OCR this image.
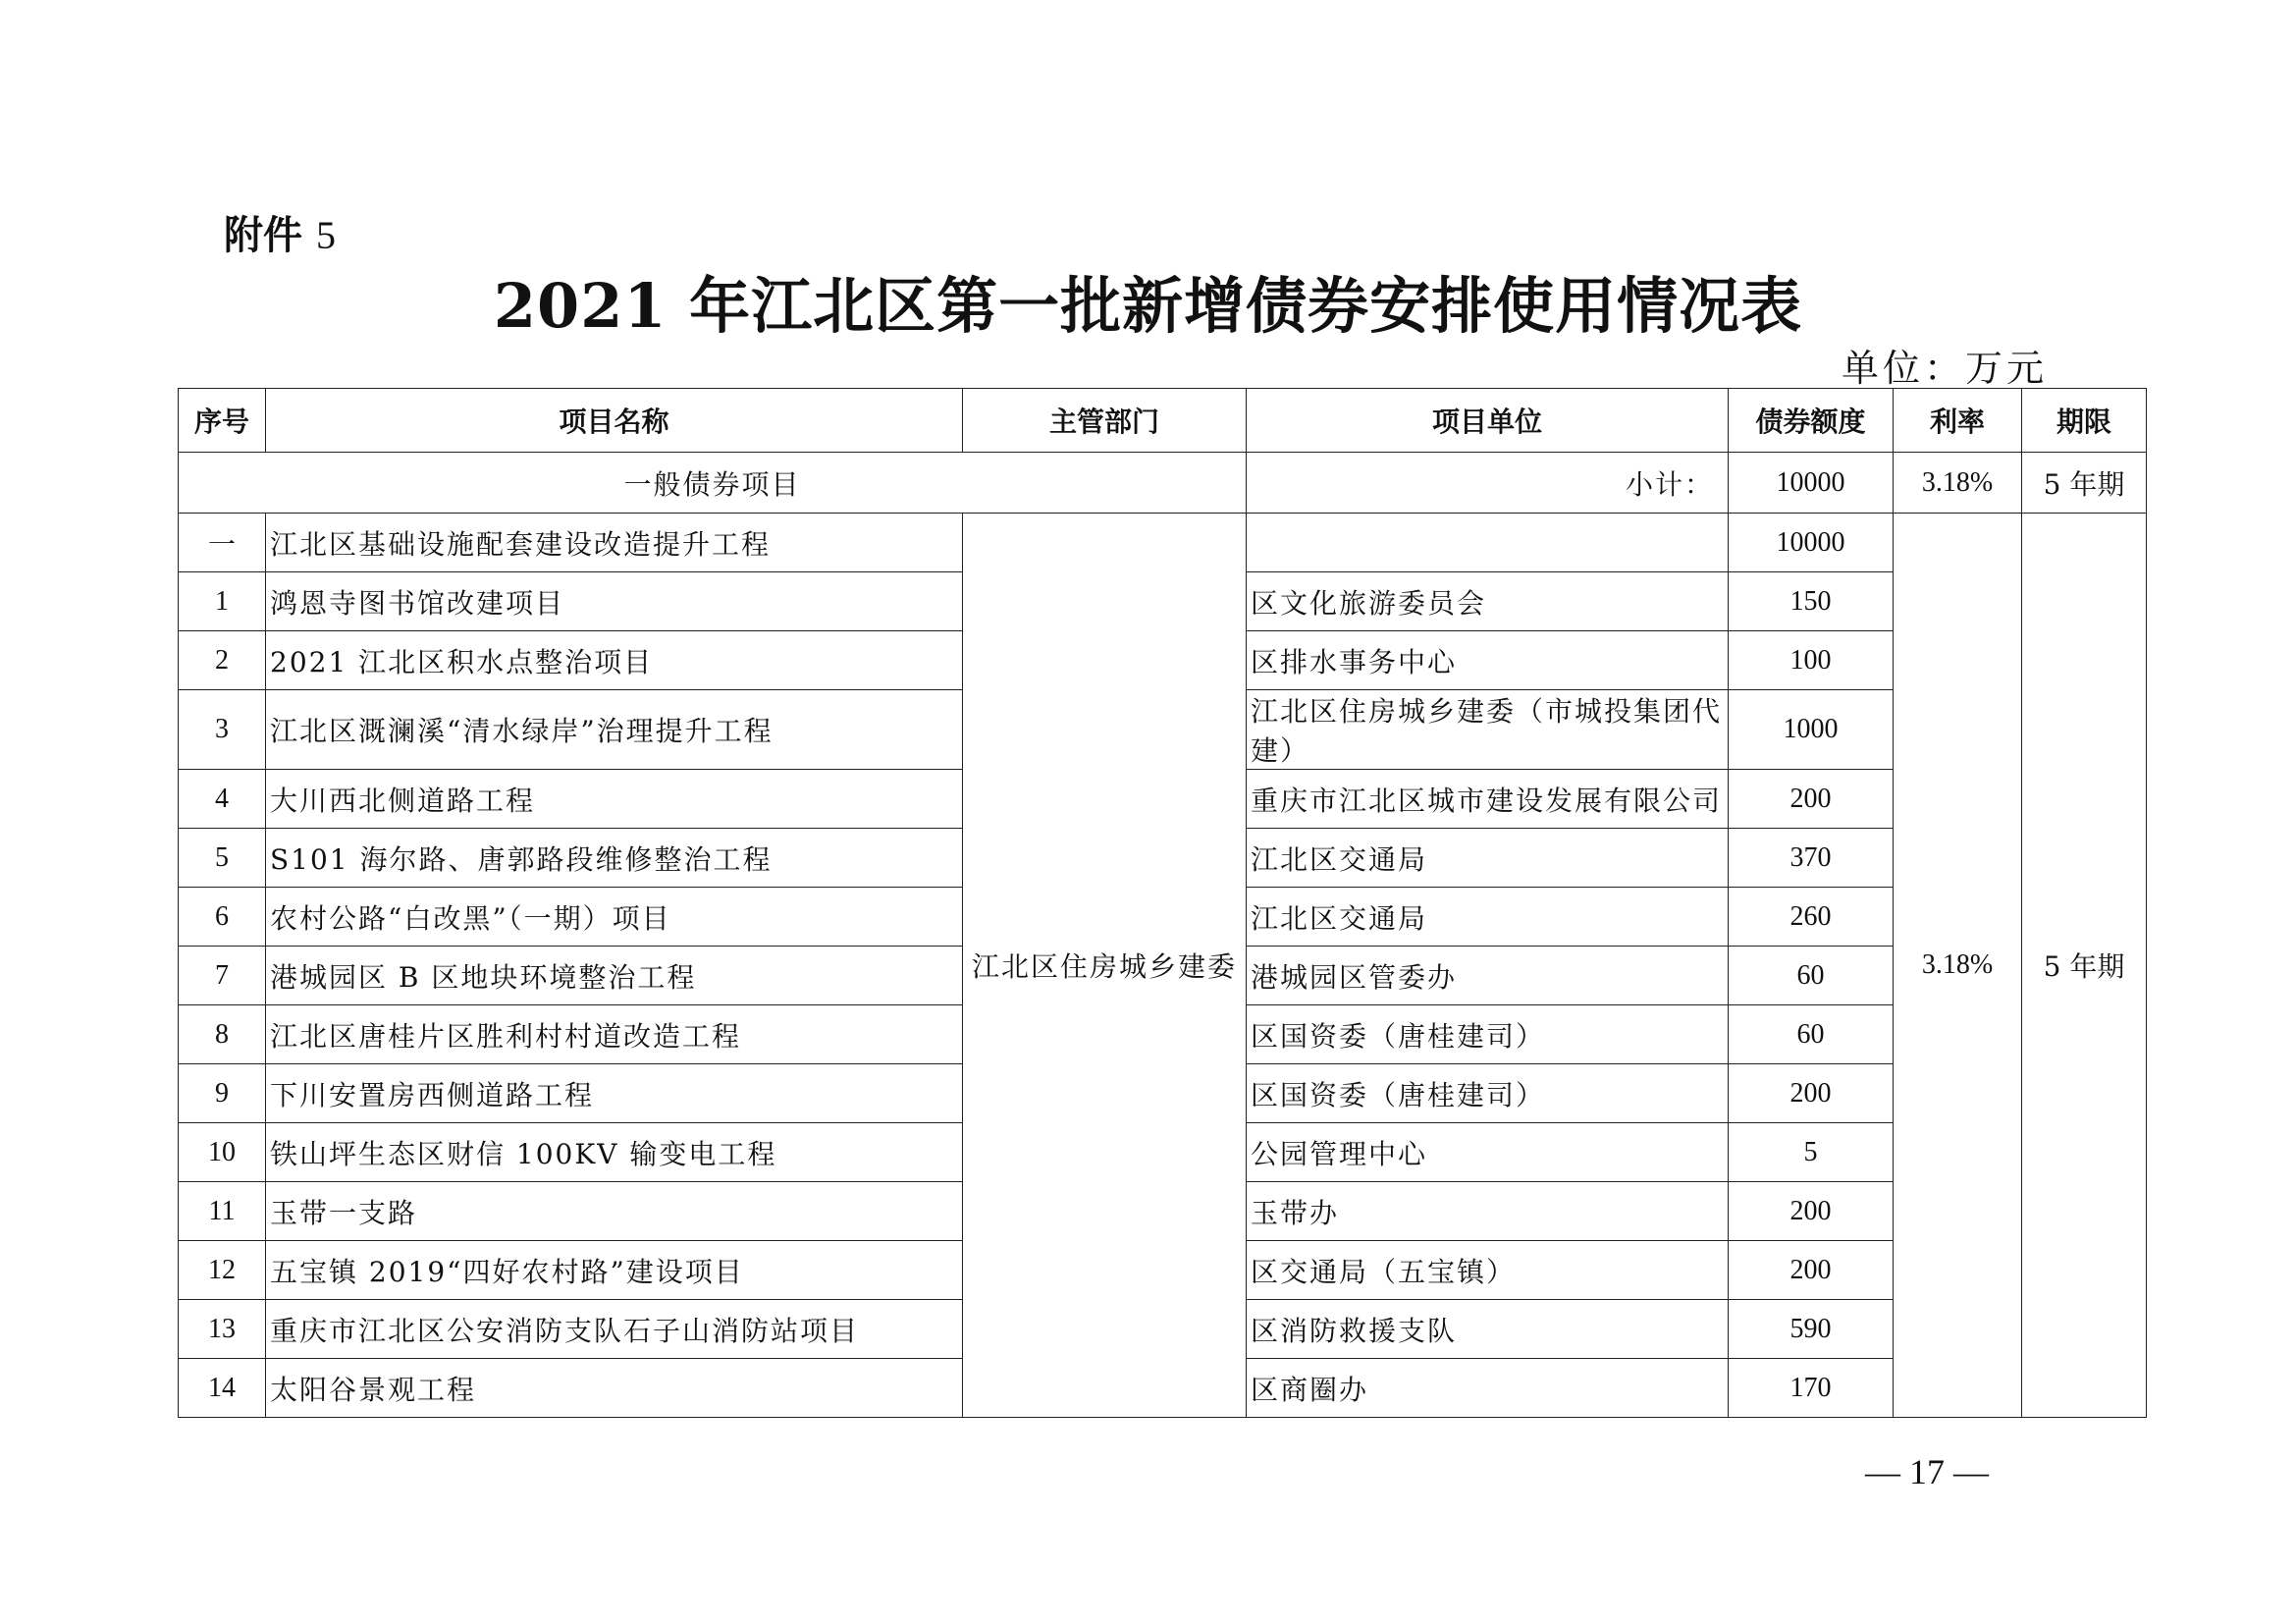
附件 5
2021 年江北区第一批新增债券安排使用情况表
单位：万元
序号	项目名称	主管部门	项目单位	债券额度	利率	期限
一般债券项目			小计：	10000	3.18%	5 年期
一	江北区基础设施配套建设改造提升工程	江北区住房城乡建委		10000	3.18%	5 年期
1	鸿恩寺图书馆改建项目		区文化旅游委员会	150		
2	2021 江北区积水点整治项目		区排水事务中心	100		
3	江北区溉澜溪“清水绿岸”治理提升工程		江北区住房城乡建委（市城投集团代建）	1000		
4	大川西北侧道路工程		重庆市江北区城市建设发展有限公司	200		
5	S101 海尔路、唐郭路段维修整治工程		江北区交通局	370		
6	农村公路“白改黑”（一期）项目		江北区交通局	260		
7	港城园区 B 区地块环境整治工程		港城园区管委办	60		
8	江北区唐桂片区胜利村村道改造工程		区国资委（唐桂建司）	60		
9	下川安置房西侧道路工程		区国资委（唐桂建司）	200		
10	铁山坪生态区财信 100KV 输变电工程		公园管理中心	5		
11	玉带一支路		玉带办	200		
12	五宝镇 2019“四好农村路”建设项目		区交通局（五宝镇）	200		
13	重庆市江北区公安消防支队石子山消防站项目		区消防救援支队	590		
14	太阳谷景观工程		区商圈办	170		
— 17 —
